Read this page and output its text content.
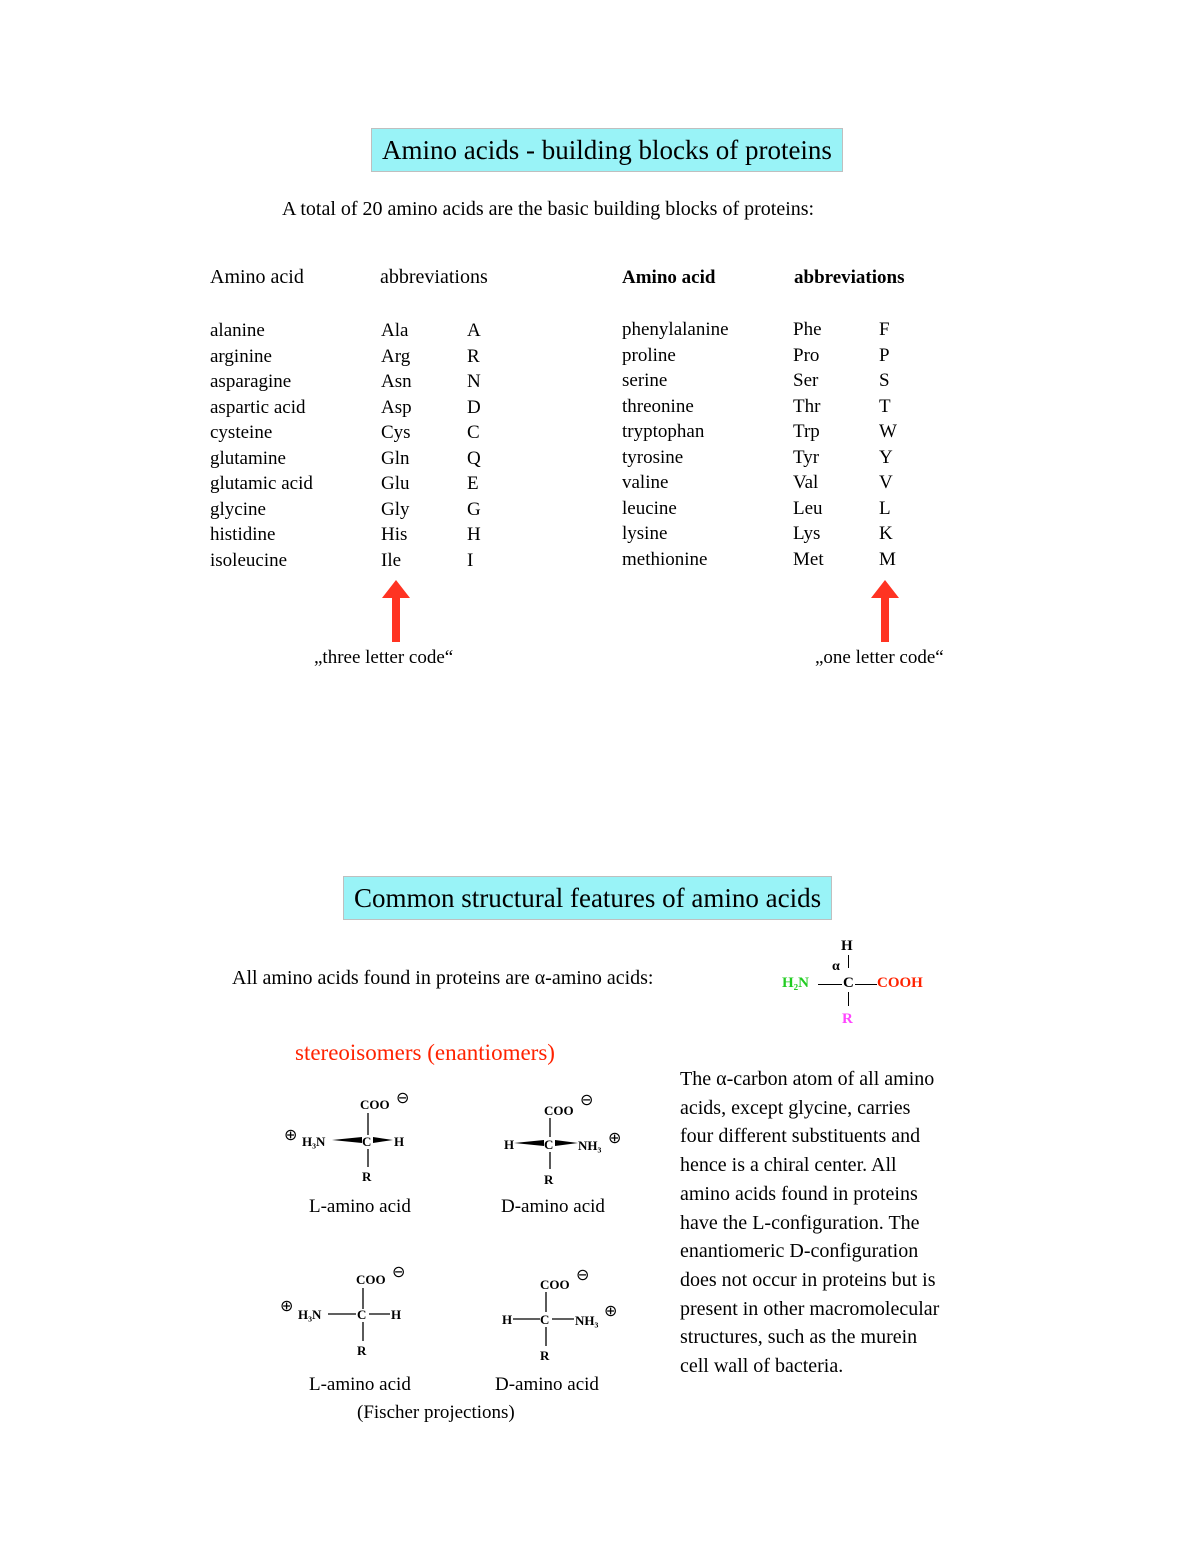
Amino acids - building blocks of proteins
A total of 20 amino acids are the basic building blocks of proteins:
Amino acid	abbreviations
alanine	Ala	A
arginine	Arg	R
asparagine	Asn	N
aspartic acid	Asp	D
cysteine	Cys	C
glutamine	Gln	Q
glutamic acid	Glu	E
glycine	Gly	G
histidine	His	H
isoleucine	Ile	I
Amino acid	abbreviations
phenylalanine	Phe	F
proline	Pro	P
serine	Ser	S
threonine	Thr	T
tryptophan	Trp	W
tyrosine	Tyr	Y
valine	Val	V
leucine	Leu	L
lysine	Lys	K
methionine	Met	M
„three letter code“	„one letter code“
Common structural features of amino acids
All amino acids found in proteins are α-amino acids:
H
α
H₂N C COOH
R
stereoisomers (enantiomers)
COO ⊖
⊕ H₃N	C H
R
L-amino acid
COO
⊖
H C NH₃ ⊕
R
D-amino acid
COO ⊖
⊕ H₃N	C H
R
L-amino acid
COO
⊖
H C NH₃
⊕
R
D-amino acid
(Fischer projections)
The α-carbon atom of all amino
acids, except glycine, carries
four different substituents and
hence is a chiral center. All
amino acids found in proteins
have the L-configuration. The
enantiomeric D-configuration
does not occur in proteins but is
present in other macromolecular
structures, such as the murein
cell wall of bacteria.
